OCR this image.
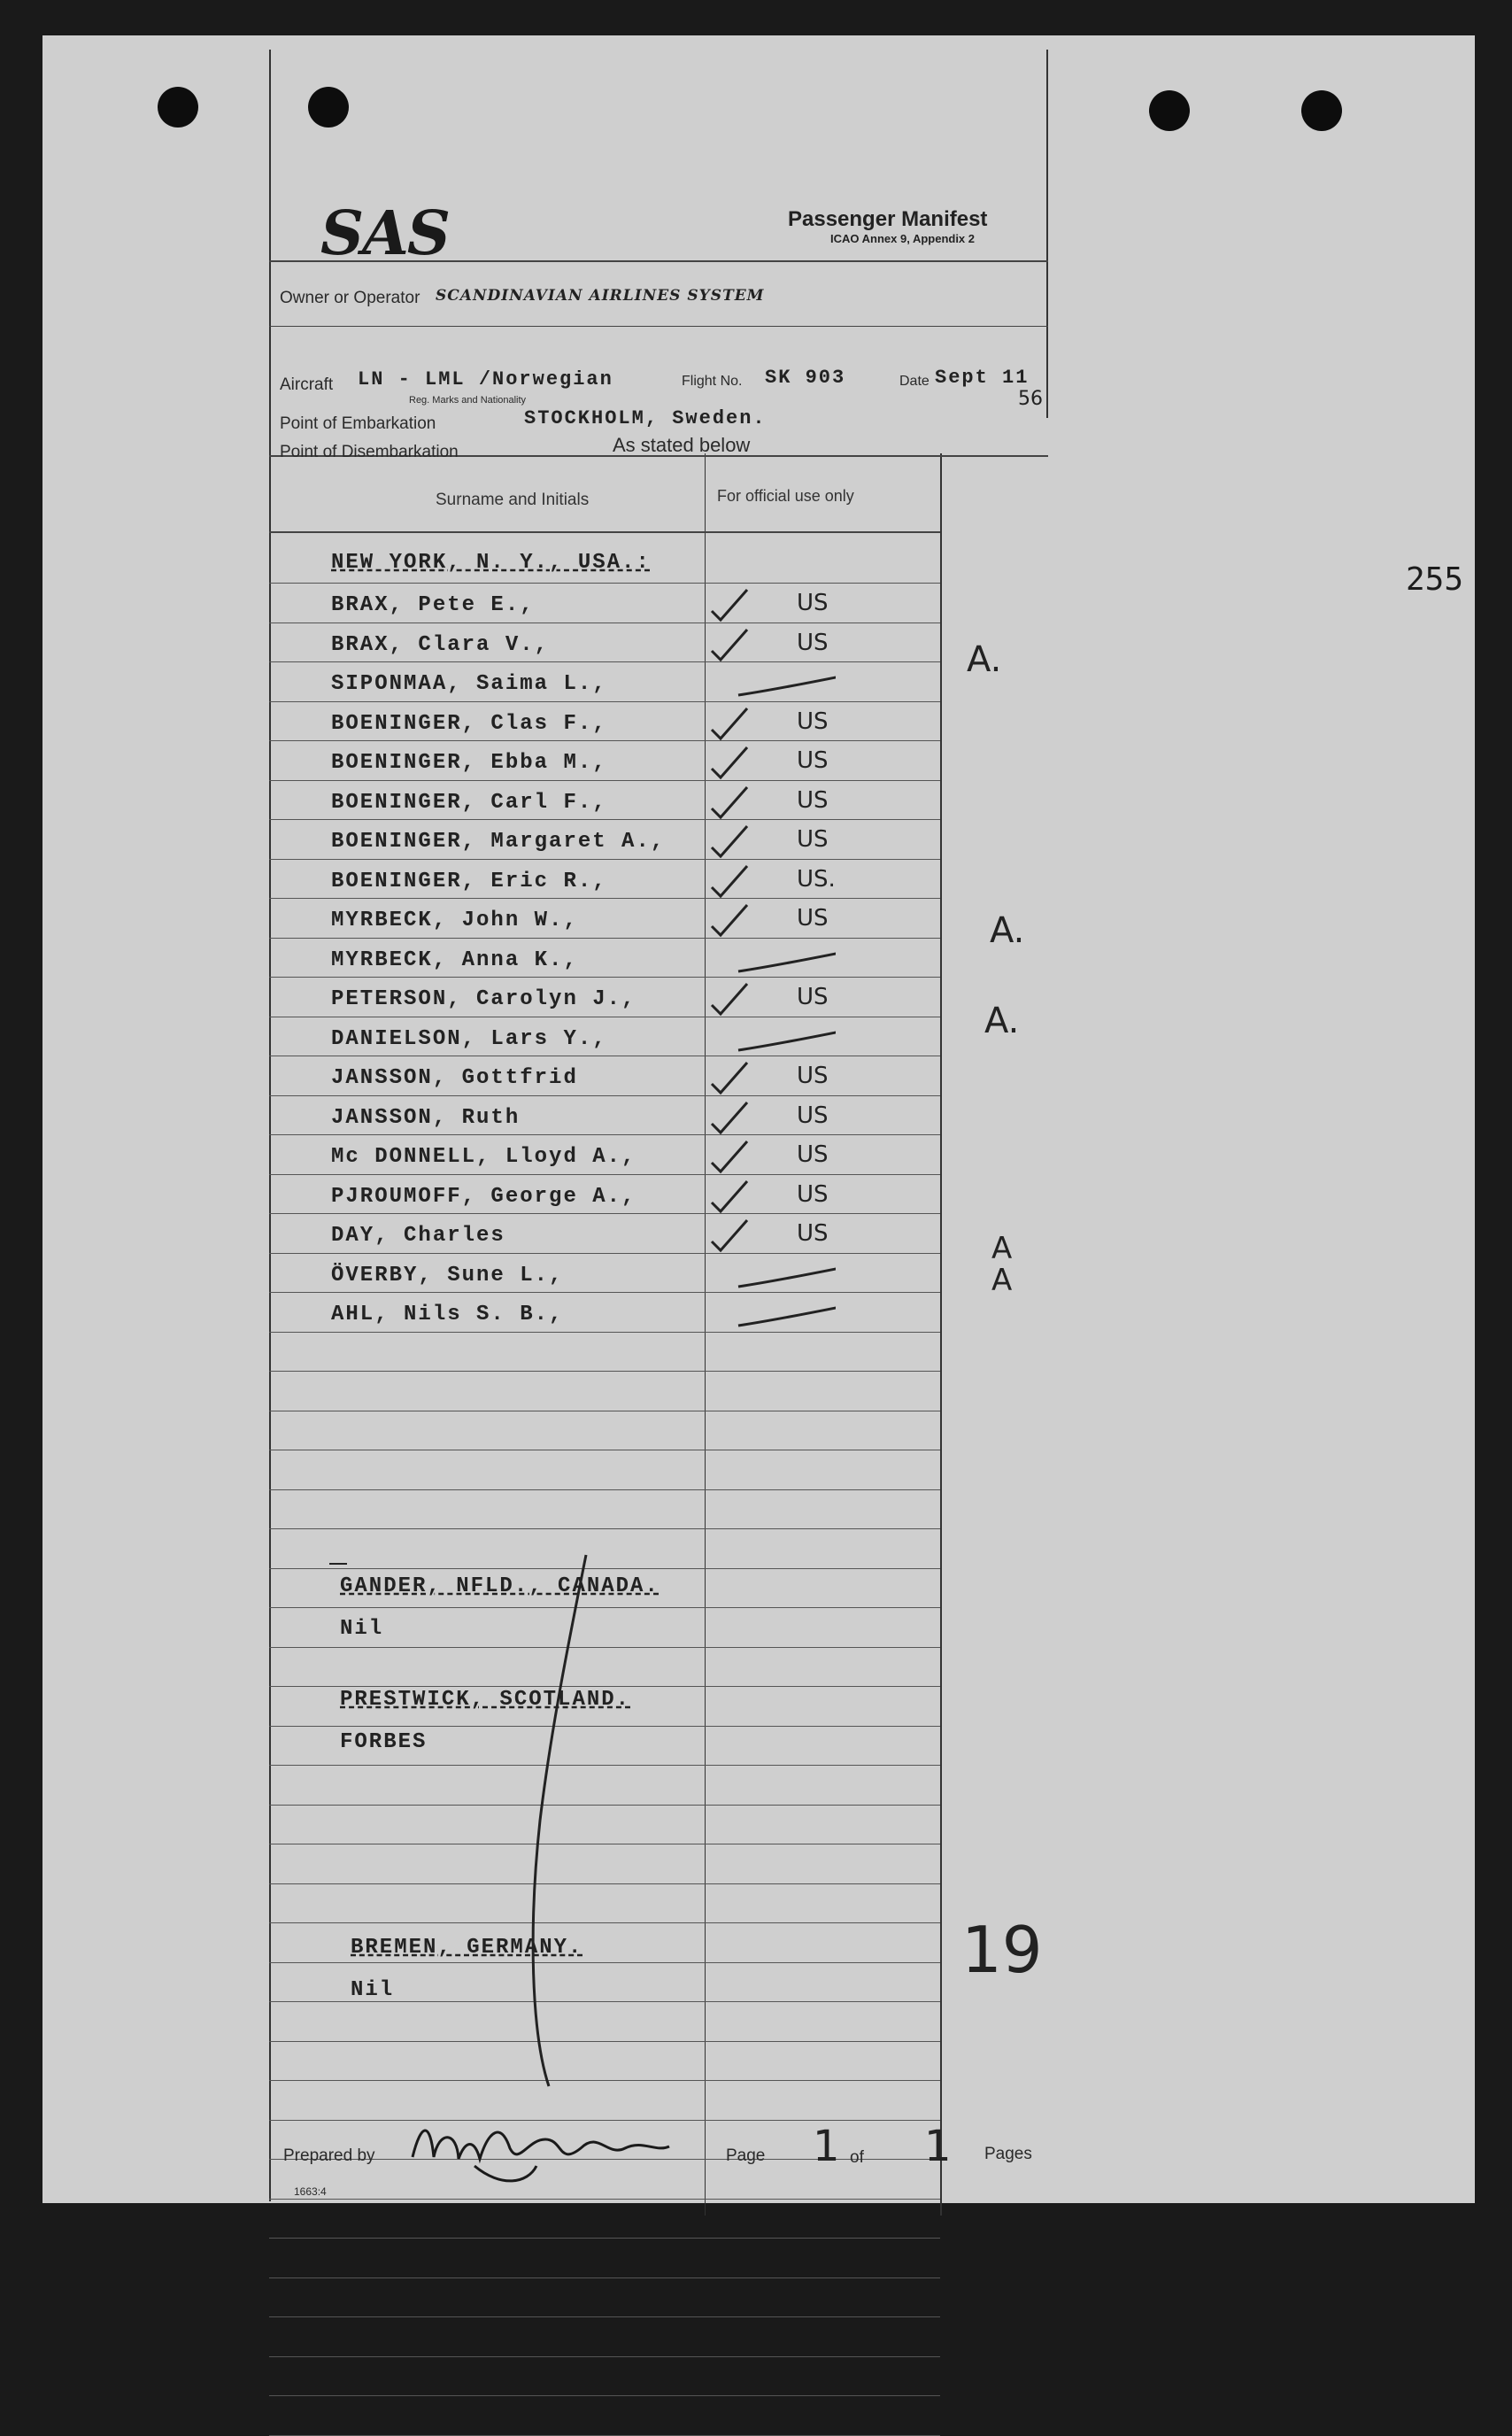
255
SAS	Passenger Manifest
ICAO Annex 9, Appendix 2
Owner or Operator SCANDINAVIAN AIRLINES SYSTEM
Aircraft LN - LML /Norwegian
Reg. Marks and Nationality
Flight No. SK 903	Date Sept 11
56
Point of Embarkation	STOCKHOLM, Sweden.
Point of Disembarkation	As stated below
Surname and Initials	For official use only
NEW YORK, N. Y., USA.:
BRAX, Pete E.,	US
BRAX, Clara V.,	US
SIPONMAA, Saima L.,
BOENINGER, Clas F.,	US
BOENINGER, Ebba M.,	US
BOENINGER, Carl F.,	US
BOENINGER, Margaret A.,	US
BOENINGER, Eric R.,	US.
MYRBECK, John W.,	US
MYRBECK, Anna K.,
PETERSON, Carolyn J.,	US
DANIELSON, Lars Y.,
JANSSON, Gottfrid	US
JANSSON, Ruth	US
Mc DONNELL, Lloyd A.,	US
PJROUMOFF, George A.,	US
DAY, Charles	US
ÖVERBY, Sune L.,
AHL, Nils S. B.,
GANDER, NFLD., CANADA.
Nil
PRESTWICK, SCOTLAND.
FORBES
BREMEN, GERMANY.
Nil
Prepared by	Page 1 of 1 Pages
1663:4
A.
A.
A.
A
A
19
